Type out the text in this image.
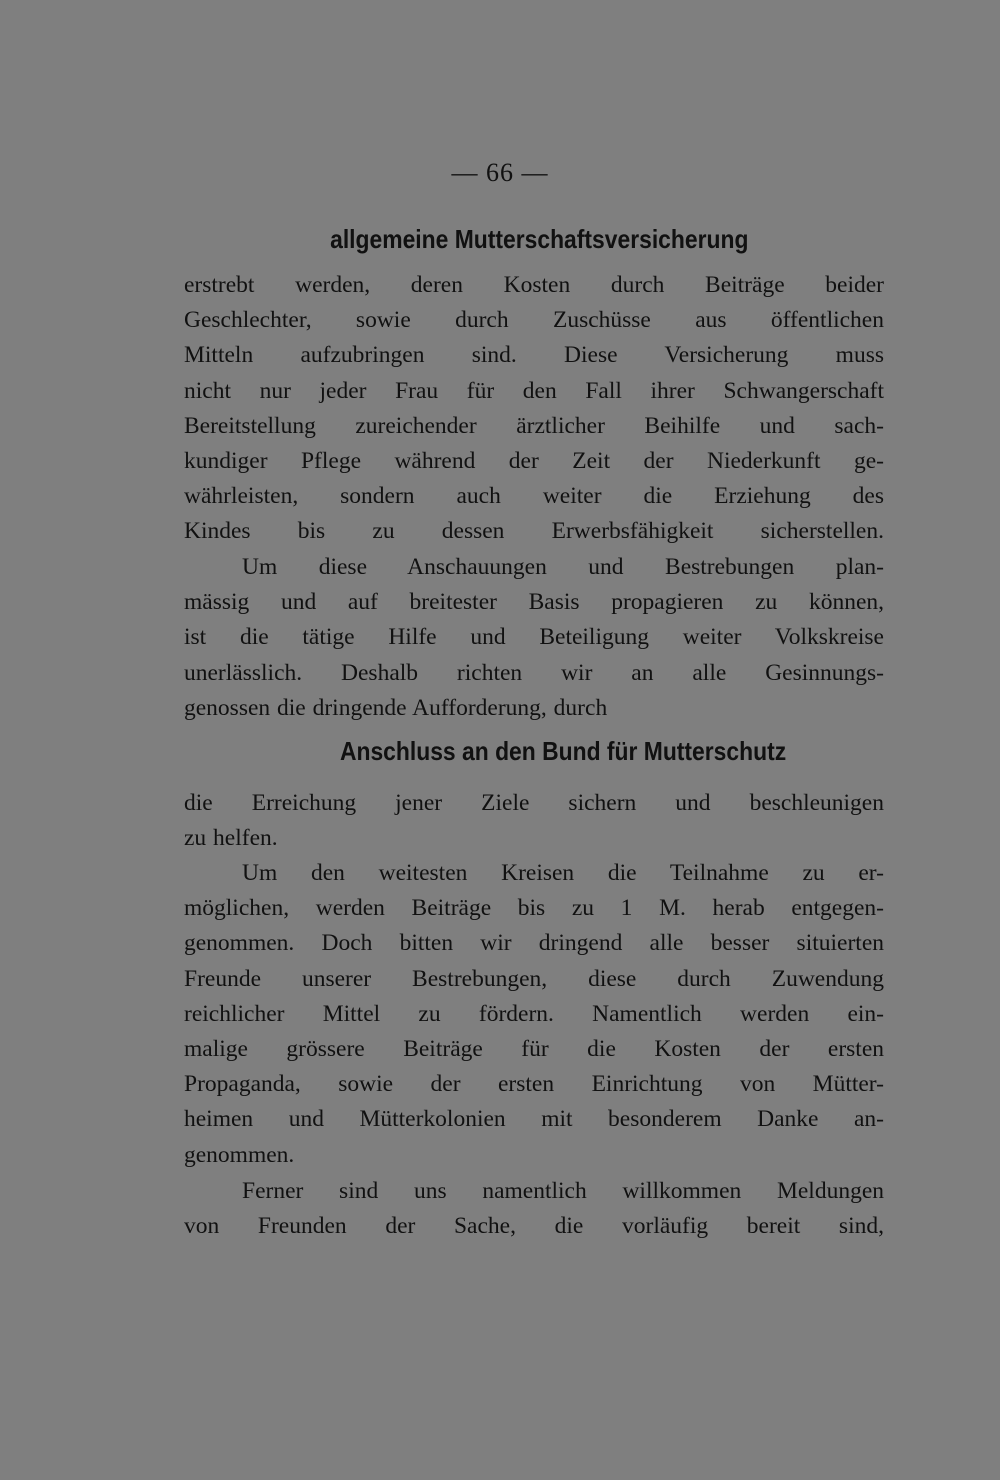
— 66 —
allgemeine Mutterschaftsversicherung
erstrebt werden, deren Kosten durch Beiträge beider
Geschlechter, sowie durch Zuschüsse aus öffentlichen
Mitteln aufzubringen sind. Diese Versicherung muss
nicht nur jeder Frau für den Fall ihrer Schwangerschaft
Bereitstellung zureichender ärztlicher Beihilfe und sach-
kundiger Pflege während der Zeit der Niederkunft ge-
währleisten, sondern auch weiter die Erziehung des
Kindes bis zu dessen Erwerbsfähigkeit sicherstellen.
Um diese Anschauungen und Bestrebungen plan-
mässig und auf breitester Basis propagieren zu können,
ist die tätige Hilfe und Beteiligung weiter Volkskreise
unerlässlich. Deshalb richten wir an alle Gesinnungs-
genossen die dringende Aufforderung, durch
Anschluss an den Bund für Mutterschutz
die Erreichung jener Ziele sichern und beschleunigen
zu helfen.
Um den weitesten Kreisen die Teilnahme zu er-
möglichen, werden Beiträge bis zu 1 M. herab entgegen-
genommen. Doch bitten wir dringend alle besser situierten
Freunde unserer Bestrebungen, diese durch Zuwendung
reichlicher Mittel zu fördern. Namentlich werden ein-
malige grössere Beiträge für die Kosten der ersten
Propaganda, sowie der ersten Einrichtung von Mütter-
heimen und Mütterkolonien mit besonderem Danke an-
genommen.
Ferner sind uns namentlich willkommen Meldungen
von Freunden der Sache, die vorläufig bereit sind,
